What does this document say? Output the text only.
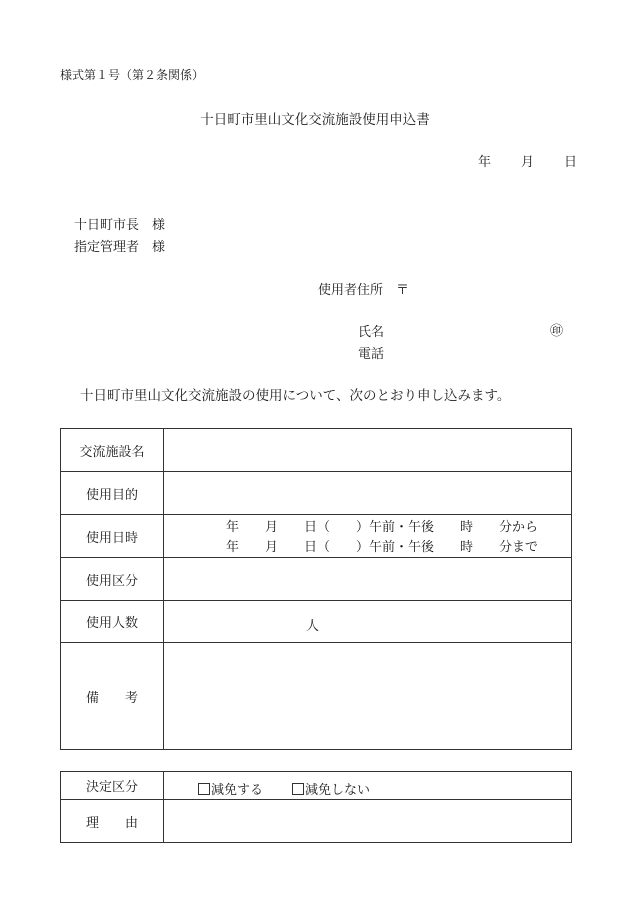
様式第１号（第２条関係）
十日町市里山文化交流施設使用申込書
年 月 日
十日町市長　様
指定管理者　様
使用者住所　〒
氏名	㊞
電話
十日町市里山文化交流施設の使用について、次のとおり申し込みます。
交流施設名	
使用目的	
使用日時	年　　月　　日（　　）午前・午後　　時　　分から
年　　月　　日（　　）午前・午後　　時　　分まで

使用区分	
使用人数	人

備　　考	
決定区分	減免する 減免しない

理　　由	
